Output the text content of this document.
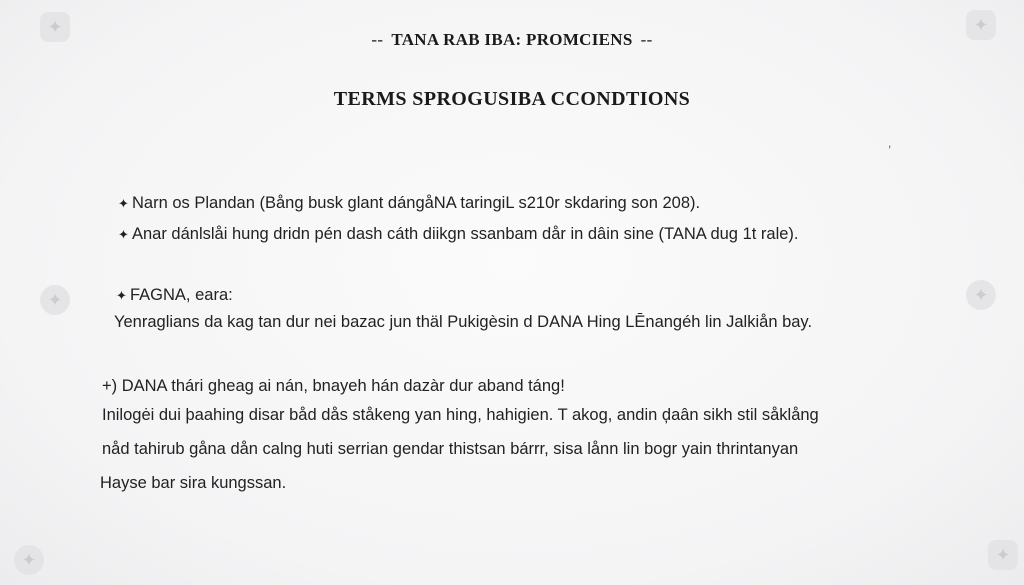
✦	✦
✦	✦
✦	✦
-- TANA RAB IBA: PROMCIENS --
TERMS SPROGUSIBA CCONDTIONS
,
✦ Narn os Plandan (Bång busk glant dángåNA taringiL s210r skdaring son 208).
✦ Anar dánlslåi hung dridn pén dash cáth diikgn ssanbam dår in dâin sine (TANA dug 1t rale).
✦ FAGNA, eara:
Yenraglians da kag tan dur nei bazac jun thäl Pukigèsin d DANA Hing LĒnangéh lin Jalkiån bay.
+) DANA thári gheag ai nán, bnayeh hán dazàr dur aband táng!
Inilogėi dui þaahing disar båd dås ståkeng yan hing, hahigien. T akog, andin ḑaân sikh stil såklång
nåd tahirub gåna dån calng huti serrian gendar thistsan bárrr, sisa lånn lin bogr yain thrintanyan
Hayse bar sira kungssan.
